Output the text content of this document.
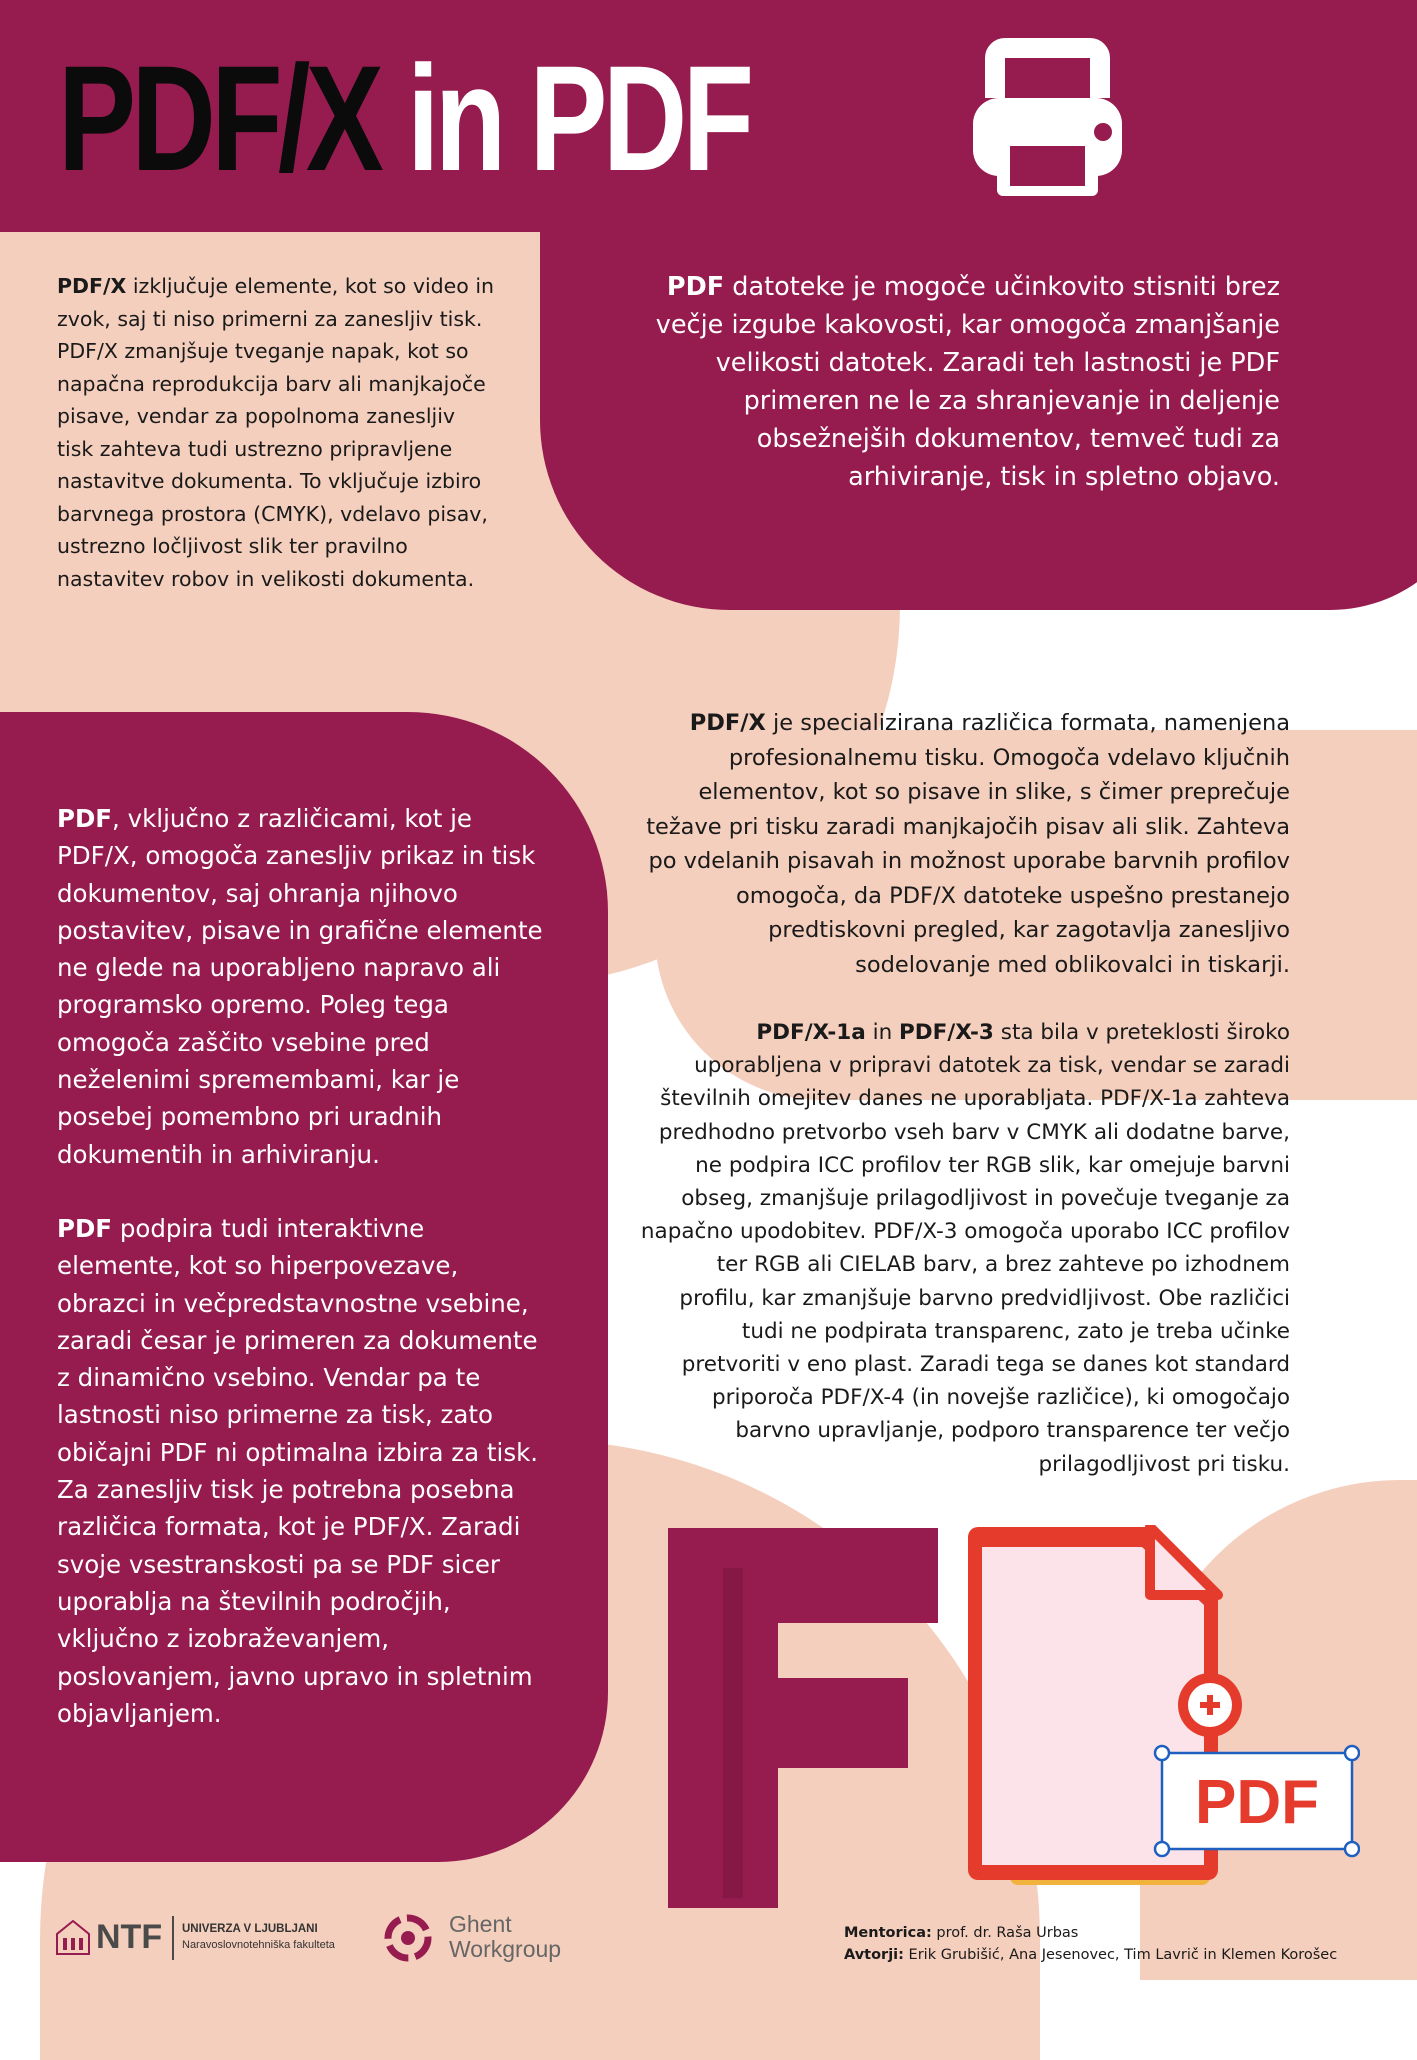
PDF/X in PDF
PDF/X izključuje elemente, kot so video in zvok, saj ti niso primerni za zanesljiv tisk. PDF/X zmanjšuje tveganje napak, kot so napačna reprodukcija barv ali manjkajoče pisave, vendar za popolnoma zanesljiv tisk zahteva tudi ustrezno pripravljene nastavitve dokumenta. To vključuje izbiro barvnega prostora (CMYK), vdelavo pisav, ustrezno ločljivost slik ter pravilno nastavitev robov in velikosti dokumenta.
PDF datoteke je mogoče učinkovito stisniti brez večje izgube kakovosti, kar omogoča zmanjšanje velikosti datotek. Zaradi teh lastnosti je PDF primeren ne le za shranjevanje in deljenje obsežnejših dokumentov, temveč tudi za arhiviranje, tisk in spletno objavo.
PDF, vključno z različicami, kot je PDF/X, omogoča zanesljiv prikaz in tisk dokumentov, saj ohranja njihovo postavitev, pisave in grafične elemente ne glede na uporabljeno napravo ali programsko opremo. Poleg tega omogoča zaščito vsebine pred neželenimi spremembami, kar je posebej pomembno pri uradnih dokumentih in arhiviranju.
PDF podpira tudi interaktivne elemente, kot so hiperpovezave, obrazci in večpredstavnostne vsebine, zaradi česar je primeren za dokumente z dinamično vsebino. Vendar pa te lastnosti niso primerne za tisk, zato običajni PDF ni optimalna izbira za tisk. Za zanesljiv tisk je potrebna posebna različica formata, kot je PDF/X. Zaradi svoje vsestranskosti pa se PDF sicer uporablja na številnih področjih, vključno z izobraževanjem, poslovanjem, javno upravo in spletnim objavljanjem.
PDF/X je specializirana različica formata, namenjena profesionalnemu tisku. Omogoča vdelavo ključnih elementov, kot so pisave in slike, s čimer preprečuje težave pri tisku zaradi manjkajočih pisav ali slik. Zahteva po vdelanih pisavah in možnost uporabe barvnih profilov omogoča, da PDF/X datoteke uspešno prestanejo predtiskovni pregled, kar zagotavlja zanesljivo sodelovanje med oblikovalci in tiskarji.
PDF/X-1a in PDF/X-3 sta bila v preteklosti široko uporabljena v pripravi datotek za tisk, vendar se zaradi številnih omejitev danes ne uporabljata. PDF/X-1a zahteva predhodno pretvorbo vseh barv v CMYK ali dodatne barve, ne podpira ICC profilov ter RGB slik, kar omejuje barvni obseg, zmanjšuje prilagodljivost in povečuje tveganje za napačno upodobitev. PDF/X-3 omogoča uporabo ICC profilov ter RGB ali CIELAB barv, a brez zahteve po izhodnem profilu, kar zmanjšuje barvno predvidljivost. Obe različici tudi ne podpirata transparenc, zato je treba učinke pretvoriti v eno plast. Zaradi tega se danes kot standard priporoča PDF/X-4 (in novejše različice), ki omogočajo barvno upravljanje, podporo transparence ter večjo prilagodljivost pri tisku.
PDF
NTF UNIVERZA V LJUBLJANI
Naravoslovnotehniška fakulteta
Ghent
Workgroup
Mentorica: prof. dr. Raša Urbas
Avtorji: Erik Grubišić, Ana Jesenovec, Tim Lavrič in Klemen Korošec
